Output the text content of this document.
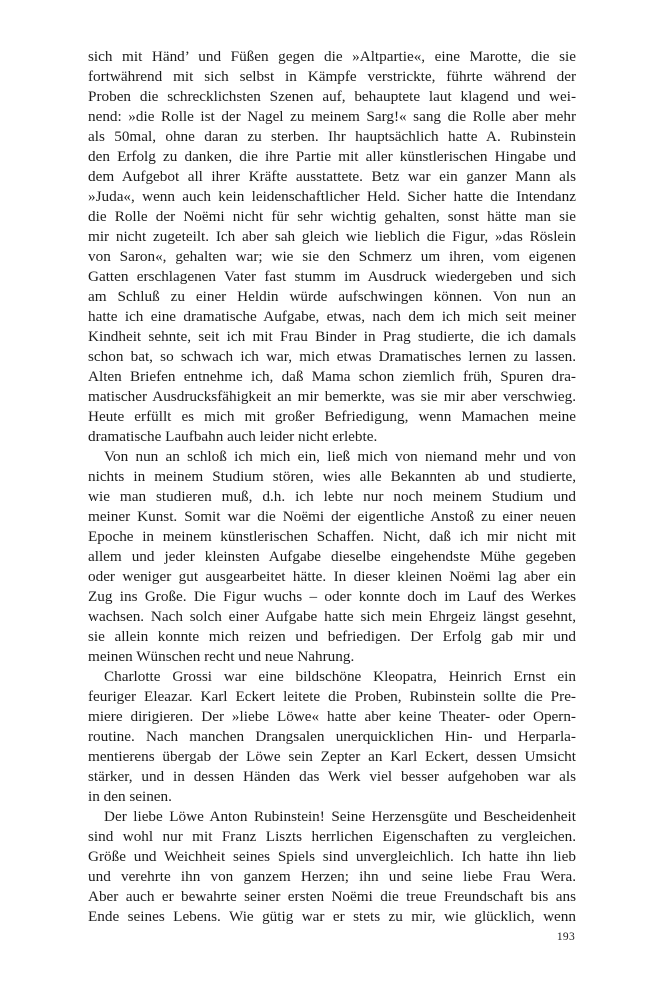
sich mit Händ’ und Füßen gegen die »Altpartie«, eine Marotte, die sie
fortwährend mit sich selbst in Kämpfe verstrickte, führte während der
Proben die schrecklichsten Szenen auf, behauptete laut klagend und wei-
nend: »die Rolle ist der Nagel zu meinem Sarg!« sang die Rolle aber mehr
als 50mal, ohne daran zu sterben. Ihr hauptsächlich hatte A. Rubinstein
den Erfolg zu danken, die ihre Partie mit aller künstlerischen Hingabe und
dem Aufgebot all ihrer Kräfte ausstattete. Betz war ein ganzer Mann als
»Juda«, wenn auch kein leidenschaftlicher Held. Sicher hatte die Intendanz
die Rolle der Noëmi nicht für sehr wichtig gehalten, sonst hätte man sie
mir nicht zugeteilt. Ich aber sah gleich wie lieblich die Figur, »das Röslein
von Saron«, gehalten war; wie sie den Schmerz um ihren, vom eigenen
Gatten erschlagenen Vater fast stumm im Ausdruck wiedergeben und sich
am Schluß zu einer Heldin würde aufschwingen können. Von nun an
hatte ich eine dramatische Aufgabe, etwas, nach dem ich mich seit meiner
Kindheit sehnte, seit ich mit Frau Binder in Prag studierte, die ich damals
schon bat, so schwach ich war, mich etwas Dramatisches lernen zu lassen.
Alten Briefen entnehme ich, daß Mama schon ziemlich früh, Spuren dra-
matischer Ausdrucksfähigkeit an mir bemerkte, was sie mir aber verschwieg.
Heute erfüllt es mich mit großer Befriedigung, wenn Mamachen meine
dramatische Laufbahn auch leider nicht erlebte.
Von nun an schloß ich mich ein, ließ mich von niemand mehr und von
nichts in meinem Studium stören, wies alle Bekannten ab und studierte,
wie man studieren muß, d.h. ich lebte nur noch meinem Studium und
meiner Kunst. Somit war die Noëmi der eigentliche Anstoß zu einer neuen
Epoche in meinem künstlerischen Schaffen. Nicht, daß ich mir nicht mit
allem und jeder kleinsten Aufgabe dieselbe eingehendste Mühe gegeben
oder weniger gut ausgearbeitet hätte. In dieser kleinen Noëmi lag aber ein
Zug ins Große. Die Figur wuchs – oder konnte doch im Lauf des Werkes
wachsen. Nach solch einer Aufgabe hatte sich mein Ehrgeiz längst gesehnt,
sie allein konnte mich reizen und befriedigen. Der Erfolg gab mir und
meinen Wünschen recht und neue Nahrung.
Charlotte Grossi war eine bildschöne Kleopatra, Heinrich Ernst ein
feuriger Eleazar. Karl Eckert leitete die Proben, Rubinstein sollte die Pre-
miere dirigieren. Der »liebe Löwe« hatte aber keine Theater- oder Opern-
routine. Nach manchen Drangsalen unerquicklichen Hin- und Herparla-
mentierens übergab der Löwe sein Zepter an Karl Eckert, dessen Umsicht
stärker, und in dessen Händen das Werk viel besser aufgehoben war als
in den seinen.
Der liebe Löwe Anton Rubinstein! Seine Herzensgüte und Bescheidenheit
sind wohl nur mit Franz Liszts herrlichen Eigenschaften zu vergleichen.
Größe und Weichheit seines Spiels sind unvergleichlich. Ich hatte ihn lieb
und verehrte ihn von ganzem Herzen; ihn und seine liebe Frau Wera.
Aber auch er bewahrte seiner ersten Noëmi die treue Freundschaft bis ans
Ende seines Lebens. Wie gütig war er stets zu mir, wie glücklich, wenn
193
